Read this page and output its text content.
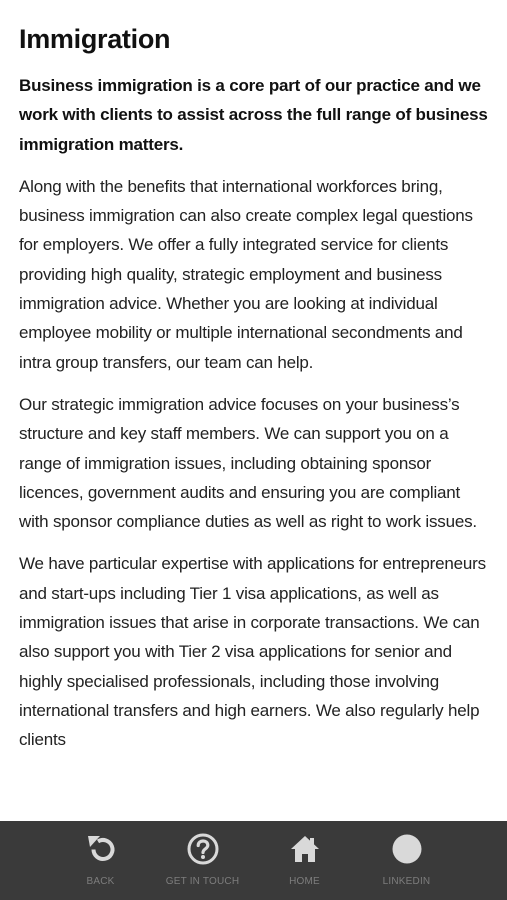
Immigration

Business immigration is a core part of our practice and we work with clients to assist across the full range of business immigration matters.

Along with the benefits that international workforces bring, business immigration can also create complex legal questions for employers. We offer a fully integrated service for clients providing high quality, strategic employment and business immigration advice. Whether you are looking at individual employee mobility or multiple international secondments and intra group transfers, our team can help.

Our strategic immigration advice focuses on your business’s structure and key staff members. We can support you on a range of immigration issues, including obtaining sponsor licences, government audits and ensuring you are compliant with sponsor compliance duties as well as right to work issues.

We have particular expertise with applications for entrepreneurs and start-ups including Tier 1 visa applications, as well as immigration issues that arise in corporate transactions. We can also support you with Tier 2 visa applications for senior and highly specialised professionals, including those involving international transfers and high earners. We also regularly help clients

BACK	GET IN TOUCH	HOME	LINKEDIN
